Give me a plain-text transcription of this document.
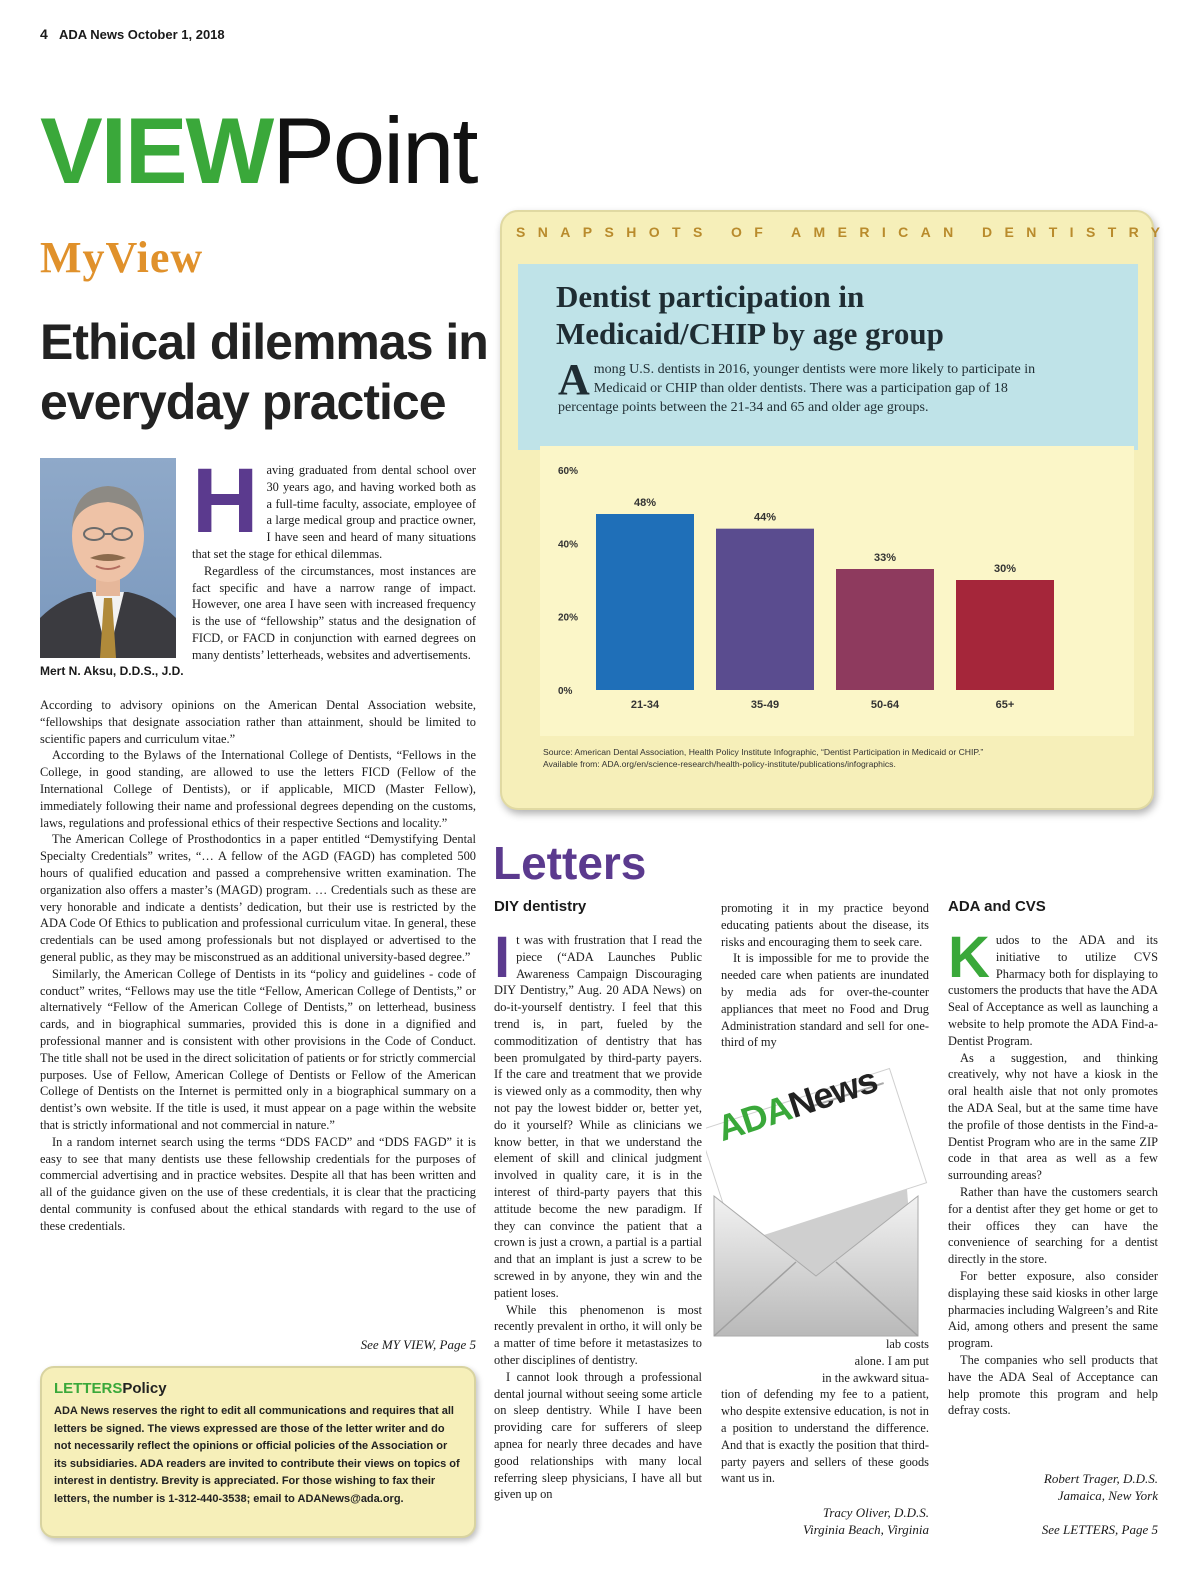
4 ADA News October 1, 2018
VIEWPoint
MyView
Ethical dilemmas in
everyday practice
Mert N. Aksu, D.D.S., J.D.

Having graduated from dental school over 30 years ago, and having worked both as a full-time faculty, associate, employee of a large medical group and practice owner, I have seen and heard of many situations that set the stage for ethical dilemmas.

Regardless of the circumstances, most instances are fact specific and have a narrow range of impact. However, one area I have seen with increased frequency is the use of “fellowship” status and the designation of FICD, or FACD in conjunction with earned degrees on many dentists’ letterheads, websites and advertisements.

According to advisory opinions on the American Dental Association website, “fellowships that designate association rather than attainment, should be limited to scientific papers and curriculum vitae.”

According to the Bylaws of the International College of Dentists, “Fellows in the College, in good standing, are allowed to use the letters FICD (Fellow of the International College of Dentists), or if applicable, MICD (Master Fellow), immediately following their name and professional degrees depending on the customs, laws, regulations and professional ethics of their respective Sections and locality.”

The American College of Prosthodontics in a paper entitled “Demystifying Dental Specialty Credentials” writes, “… A fellow of the AGD (FAGD) has completed 500 hours of qualified education and passed a comprehensive written examination. The organization also offers a master’s (MAGD) program. … Credentials such as these are very honorable and indicate a dentists’ dedication, but their use is restricted by the ADA Code Of Ethics to publication and professional curriculum vitae. In general, these credentials can be used among professionals but not displayed or advertised to the general public, as they may be misconstrued as an additional university-based degree.”

Similarly, the American College of Dentists in its “policy and guidelines - code of conduct” writes, “Fellows may use the title “Fellow, American College of Dentists,” or alternatively “Fellow of the American College of Dentists,” on letterhead, business cards, and in biographical summaries, provided this is done in a dignified and professional manner and is consistent with other provisions in the Code of Conduct. The title shall not be used in the direct solicitation of patients or for strictly commercial purposes. Use of Fellow, American College of Dentists or Fellow of the American College of Dentists on the Internet is permitted only in a biographical summary on a dentist’s own website. If the title is used, it must appear on a page within the website that is strictly informational and not commercial in nature.”

In a random internet search using the terms “DDS FACD” and “DDS FAGD” it is easy to see that many dentists use these fellowship credentials for the purposes of commercial advertising and in practice websites. Despite all that has been written and all of the guidance given on the use of these credentials, it is clear that the practicing dental community is confused about the ethical standards with regard to the use of these credentials.

See MY VIEW, Page 5
LETTERSPolicy
ADA News reserves the right to edit all communications and requires that all letters be signed. The views expressed are those of the letter writer and do not necessarily reflect the opinions or official policies of the Association or its subsidiaries. ADA readers are invited to contribute their views on topics of interest in dentistry. Brevity is appreciated. For those wishing to fax their letters, the number is 1-312-440-3538; email to ADANews@ada.org.
SNAPSHOTS OF AMERICAN DENTISTRY
Dentist participation in
Medicaid/CHIP by age group
Among U.S. dentists in 2016, younger dentists were more likely to participate in Medicaid or CHIP than older dentists. There was a participation gap of 18 percentage points between the 21-34 and 65 and older age groups.
0%
20%
40%
60%
48%
44%
33%
30%
21-34	35-49	50-64	65+
Source: American Dental Association, Health Policy Institute Infographic, “Dentist Participation in Medicaid or CHIP.”
Available from: ADA.org/en/science-research/health-policy-institute/publications/infographics.
Letters
DIY dentistry

It was with frustration that I read the piece (“ADA Launches Public Awareness Campaign Discouraging DIY Dentistry,” Aug. 20 ADA News) on do-it-yourself dentistry. I feel that this trend is, in part, fueled by the commoditization of dentistry that has been promulgated by third-party payers. If the care and treatment that we provide is viewed only as a commodity, then why not pay the lowest bidder or, better yet, do it yourself? While as clinicians we know better, in that we understand the element of skill and clinical judgment involved in quality care, it is in the interest of third-party payers that this attitude become the new paradigm. If they can convince the patient that a crown is just a crown, a partial is a partial and that an implant is just a screw to be screwed in by anyone, they win and the patient loses.

While this phenomenon is most recently prevalent in ortho, it will only be a matter of time before it metastasizes to other disciplines of dentistry.

I cannot look through a professional dental journal without seeing some article on sleep dentistry. While I have been providing care for sufferers of sleep apnea for nearly three decades and have good relationships with many local referring sleep physicians, I have all but given up on

promoting it in my practice beyond educating patients about the disease, its risks and encouraging them to seek care.

It is impossible for me to provide the needed care when patients are inundated by media ads for over-the-counter appliances that meet no Food and Drug Administration standard and sell for one-third of my

ADANews

lab costs

alone. I am put

in the awkward situa-

tion of defending my fee to a patient, who despite extensive education, is not in a position to understand the difference. And that is exactly the position that third-party payers and sellers of these goods want us in.

Tracy Oliver, D.D.S.
Virginia Beach, Virginia
ADA and CVS

Kudos to the ADA and its initiative to utilize CVS Pharmacy both for displaying to customers the products that have the ADA Seal of Acceptance as well as launching a website to help promote the ADA Find-a-Dentist Program.

As a suggestion, and thinking creatively, why not have a kiosk in the oral health aisle that not only promotes the ADA Seal, but at the same time have the profile of those dentists in the Find-a-Dentist Program who are in the same ZIP code in that area as well as a few surrounding areas?

Rather than have the customers search for a dentist after they get home or get to their offices they can have the convenience of searching for a dentist directly in the store.

For better exposure, also consider displaying these said kiosks in other large pharmacies including Walgreen’s and Rite Aid, among others and present the same program.

The companies who sell products that have the ADA Seal of Acceptance can help promote this program and help defray costs.

Robert Trager, D.D.S.
Jamaica, New York
See LETTERS, Page 5
